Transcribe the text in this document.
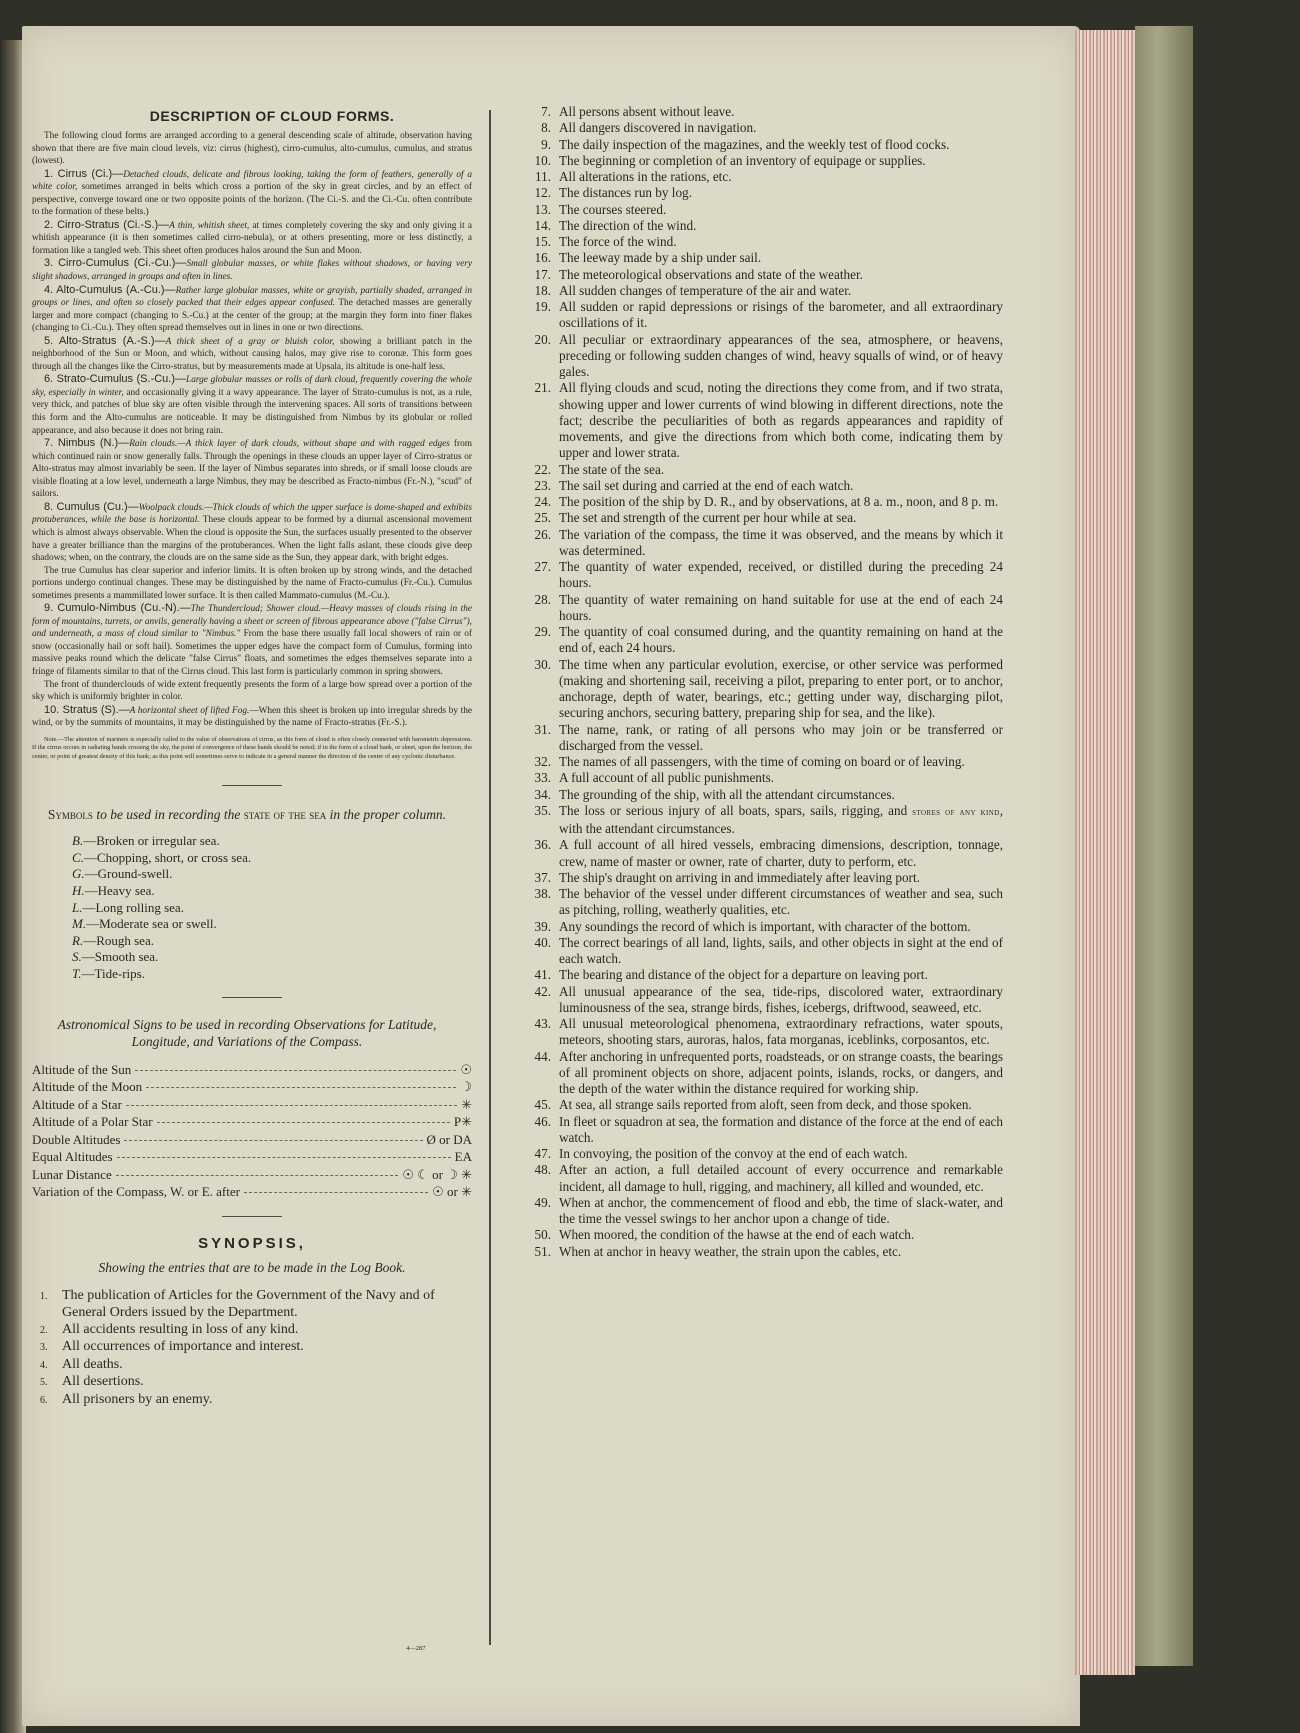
DESCRIPTION OF CLOUD FORMS.

The following cloud forms are arranged according to a general descending scale of altitude, observation having shown that there are five main cloud levels, viz: cirrus (highest), cirro-cumulus, alto-cumulus, cumulus, and stratus (lowest).

1. Cirrus (Ci.)—Detached clouds, delicate and fibrous looking, taking the form of feathers, generally of a white color, sometimes arranged in belts which cross a portion of the sky in great circles, and by an effect of perspective, converge toward one or two opposite points of the horizon. (The Ci.-S. and the Ci.-Cu. often contribute to the formation of these belts.)

2. Cirro-Stratus (Ci.-S.)—A thin, whitish sheet, at times completely covering the sky and only giving it a whitish appearance (it is then sometimes called cirro-nebula), or at others presenting, more or less distinctly, a formation like a tangled web. This sheet often produces halos around the Sun and Moon.

3. Cirro-Cumulus (Ci.-Cu.)—Small globular masses, or white flakes without shadows, or having very slight shadows, arranged in groups and often in lines.

4. Alto-Cumulus (A.-Cu.)—Rather large globular masses, white or grayish, partially shaded, arranged in groups or lines, and often so closely packed that their edges appear confused. The detached masses are generally larger and more compact (changing to S.-Cu.) at the center of the group; at the margin they form into finer flakes (changing to Ci.-Cu.). They often spread themselves out in lines in one or two directions.

5. Alto-Stratus (A.-S.)—A thick sheet of a gray or bluish color, showing a brilliant patch in the neighborhood of the Sun or Moon, and which, without causing halos, may give rise to coronæ. This form goes through all the changes like the Cirro-stratus, but by measurements made at Upsala, its altitude is one-half less.

6. Strato-Cumulus (S.-Cu.)—Large globular masses or rolls of dark cloud, frequently covering the whole sky, especially in winter, and occasionally giving it a wavy appearance. The layer of Strato-cumulus is not, as a rule, very thick, and patches of blue sky are often visible through the intervening spaces. All sorts of transitions between this form and the Alto-cumulus are noticeable. It may be distinguished from Nimbus by its globular or rolled appearance, and also because it does not bring rain.

7. Nimbus (N.)—Rain clouds.—A thick layer of dark clouds, without shape and with ragged edges from which continued rain or snow generally falls. Through the openings in these clouds an upper layer of Cirro-stratus or Alto-stratus may almost invariably be seen. If the layer of Nimbus separates into shreds, or if small loose clouds are visible floating at a low level, underneath a large Nimbus, they may be described as Fracto-nimbus (Fr.-N.), "scud" of sailors.

8. Cumulus (Cu.)—Woolpack clouds.—Thick clouds of which the upper surface is dome-shaped and exhibits protuberances, while the base is horizontal. These clouds appear to be formed by a diurnal ascensional movement which is almost always observable. When the cloud is opposite the Sun, the surfaces usually presented to the observer have a greater brilliance than the margins of the protuberances. When the light falls aslant, these clouds give deep shadows; when, on the contrary, the clouds are on the same side as the Sun, they appear dark, with bright edges.

The true Cumulus has clear superior and inferior limits. It is often broken up by strong winds, and the detached portions undergo continual changes. These may be distinguished by the name of Fracto-cumulus (Fr.-Cu.). Cumulus sometimes presents a mammillated lower surface. It is then called Mammato-cumulus (M.-Cu.).

9. Cumulo-Nimbus (Cu.-N).—The Thundercloud; Shower cloud.—Heavy masses of clouds rising in the form of mountains, turrets, or anvils, generally having a sheet or screen of fibrous appearance above ("false Cirrus"), and underneath, a mass of cloud similar to "Nimbus." From the base there usually fall local showers of rain or of snow (occasionally hail or soft hail). Sometimes the upper edges have the compact form of Cumulus, forming into massive peaks round which the delicate "false Cirrus" floats, and sometimes the edges themselves separate into a fringe of filaments similar to that of the Cirrus cloud. This last form is particularly common in spring showers.

The front of thunderclouds of wide extent frequently presents the form of a large bow spread over a portion of the sky which is uniformly brighter in color.

10. Stratus (S).—A horizontal sheet of lifted Fog.—When this sheet is broken up into irregular shreds by the wind, or by the summits of mountains, it may be distinguished by the name of Fracto-stratus (Fr.-S.).

Note.—The attention of mariners is especially called to the value of observations of cirrus, as this form of cloud is often closely connected with barometric depressions. If the cirrus occurs in radiating bands crossing the sky, the point of convergence of these bands should be noted; if in the form of a cloud bank, or sheet, upon the horizon, the center, or point of greatest density of this bank; as this point will sometimes serve to indicate in a general manner the direction of the center of any cyclonic disturbance.
Symbols to be used in recording the state of the sea in the proper column.
B.—Broken or irregular sea.
C.—Chopping, short, or cross sea.
G.—Ground-swell.
H.—Heavy sea.
L.—Long rolling sea.
M.—Moderate sea or swell.
R.—Rough sea.
S.—Smooth sea.
T.—Tide-rips.
Astronomical Signs to be used in recording Observations for Latitude, Longitude, and Variations of the Compass.
Altitude of the Sun	☉
Altitude of the Moon	☽
Altitude of a Star	✳
Altitude of a Polar Star	P✳
Double Altitudes	Ø or DA
Equal Altitudes	EA
Lunar Distance	☉ ☾ or ☽ ✳
Variation of the Compass, W. or E. after	☉ or ✳
SYNOPSIS,
Showing the entries that are to be made in the Log Book.
1. The publication of Articles for the Government of the Navy and of General Orders issued by the Department.
2. All accidents resulting in loss of any kind.
3. All occurrences of importance and interest.
4. All deaths.
5. All desertions.
6. All prisoners by an enemy.
4—287
7. All persons absent without leave.
8. All dangers discovered in navigation.
9. The daily inspection of the magazines, and the weekly test of flood cocks.
10. The beginning or completion of an inventory of equipage or supplies.
11. All alterations in the rations, etc.
12. The distances run by log.
13. The courses steered.
14. The direction of the wind.
15. The force of the wind.
16. The leeway made by a ship under sail.
17. The meteorological observations and state of the weather.
18. All sudden changes of temperature of the air and water.
19. All sudden or rapid depressions or risings of the barometer, and all extraordinary oscillations of it.
20. All peculiar or extraordinary appearances of the sea, atmosphere, or heavens, preceding or following sudden changes of wind, heavy squalls of wind, or of heavy gales.
21. All flying clouds and scud, noting the directions they come from, and if two strata, showing upper and lower currents of wind blowing in different directions, note the fact; describe the peculiarities of both as regards appearances and rapidity of movements, and give the directions from which both come, indicating them by upper and lower strata.
22. The state of the sea.
23. The sail set during and carried at the end of each watch.
24. The position of the ship by D. R., and by observations, at 8 a. m., noon, and 8 p. m.
25. The set and strength of the current per hour while at sea.
26. The variation of the compass, the time it was observed, and the means by which it was determined.
27. The quantity of water expended, received, or distilled during the preceding 24 hours.
28. The quantity of water remaining on hand suitable for use at the end of each 24 hours.
29. The quantity of coal consumed during, and the quantity remaining on hand at the end of, each 24 hours.
30. The time when any particular evolution, exercise, or other service was performed (making and shortening sail, receiving a pilot, preparing to enter port, or to anchor, anchorage, depth of water, bearings, etc.; getting under way, discharging pilot, securing anchors, securing battery, preparing ship for sea, and the like).
31. The name, rank, or rating of all persons who may join or be transferred or discharged from the vessel.
32. The names of all passengers, with the time of coming on board or of leaving.
33. A full account of all public punishments.
34. The grounding of the ship, with all the attendant circumstances.
35. The loss or serious injury of all boats, spars, sails, rigging, and stores of any kind, with the attendant circumstances.
36. A full account of all hired vessels, embracing dimensions, description, tonnage, crew, name of master or owner, rate of charter, duty to perform, etc.
37. The ship's draught on arriving in and immediately after leaving port.
38. The behavior of the vessel under different circumstances of weather and sea, such as pitching, rolling, weatherly qualities, etc.
39. Any soundings the record of which is important, with character of the bottom.
40. The correct bearings of all land, lights, sails, and other objects in sight at the end of each watch.
41. The bearing and distance of the object for a departure on leaving port.
42. All unusual appearance of the sea, tide-rips, discolored water, extraordinary luminousness of the sea, strange birds, fishes, icebergs, driftwood, seaweed, etc.
43. All unusual meteorological phenomena, extraordinary refractions, water spouts, meteors, shooting stars, auroras, halos, fata morganas, iceblinks, corposantos, etc.
44. After anchoring in unfrequented ports, roadsteads, or on strange coasts, the bearings of all prominent objects on shore, adjacent points, islands, rocks, or dangers, and the depth of the water within the distance required for working ship.
45. At sea, all strange sails reported from aloft, seen from deck, and those spoken.
46. In fleet or squadron at sea, the formation and distance of the force at the end of each watch.
47. In convoying, the position of the convoy at the end of each watch.
48. After an action, a full detailed account of every occurrence and remarkable incident, all damage to hull, rigging, and machinery, all killed and wounded, etc.
49. When at anchor, the commencement of flood and ebb, the time of slack-water, and the time the vessel swings to her anchor upon a change of tide.
50. When moored, the condition of the hawse at the end of each watch.
51. When at anchor in heavy weather, the strain upon the cables, etc.
